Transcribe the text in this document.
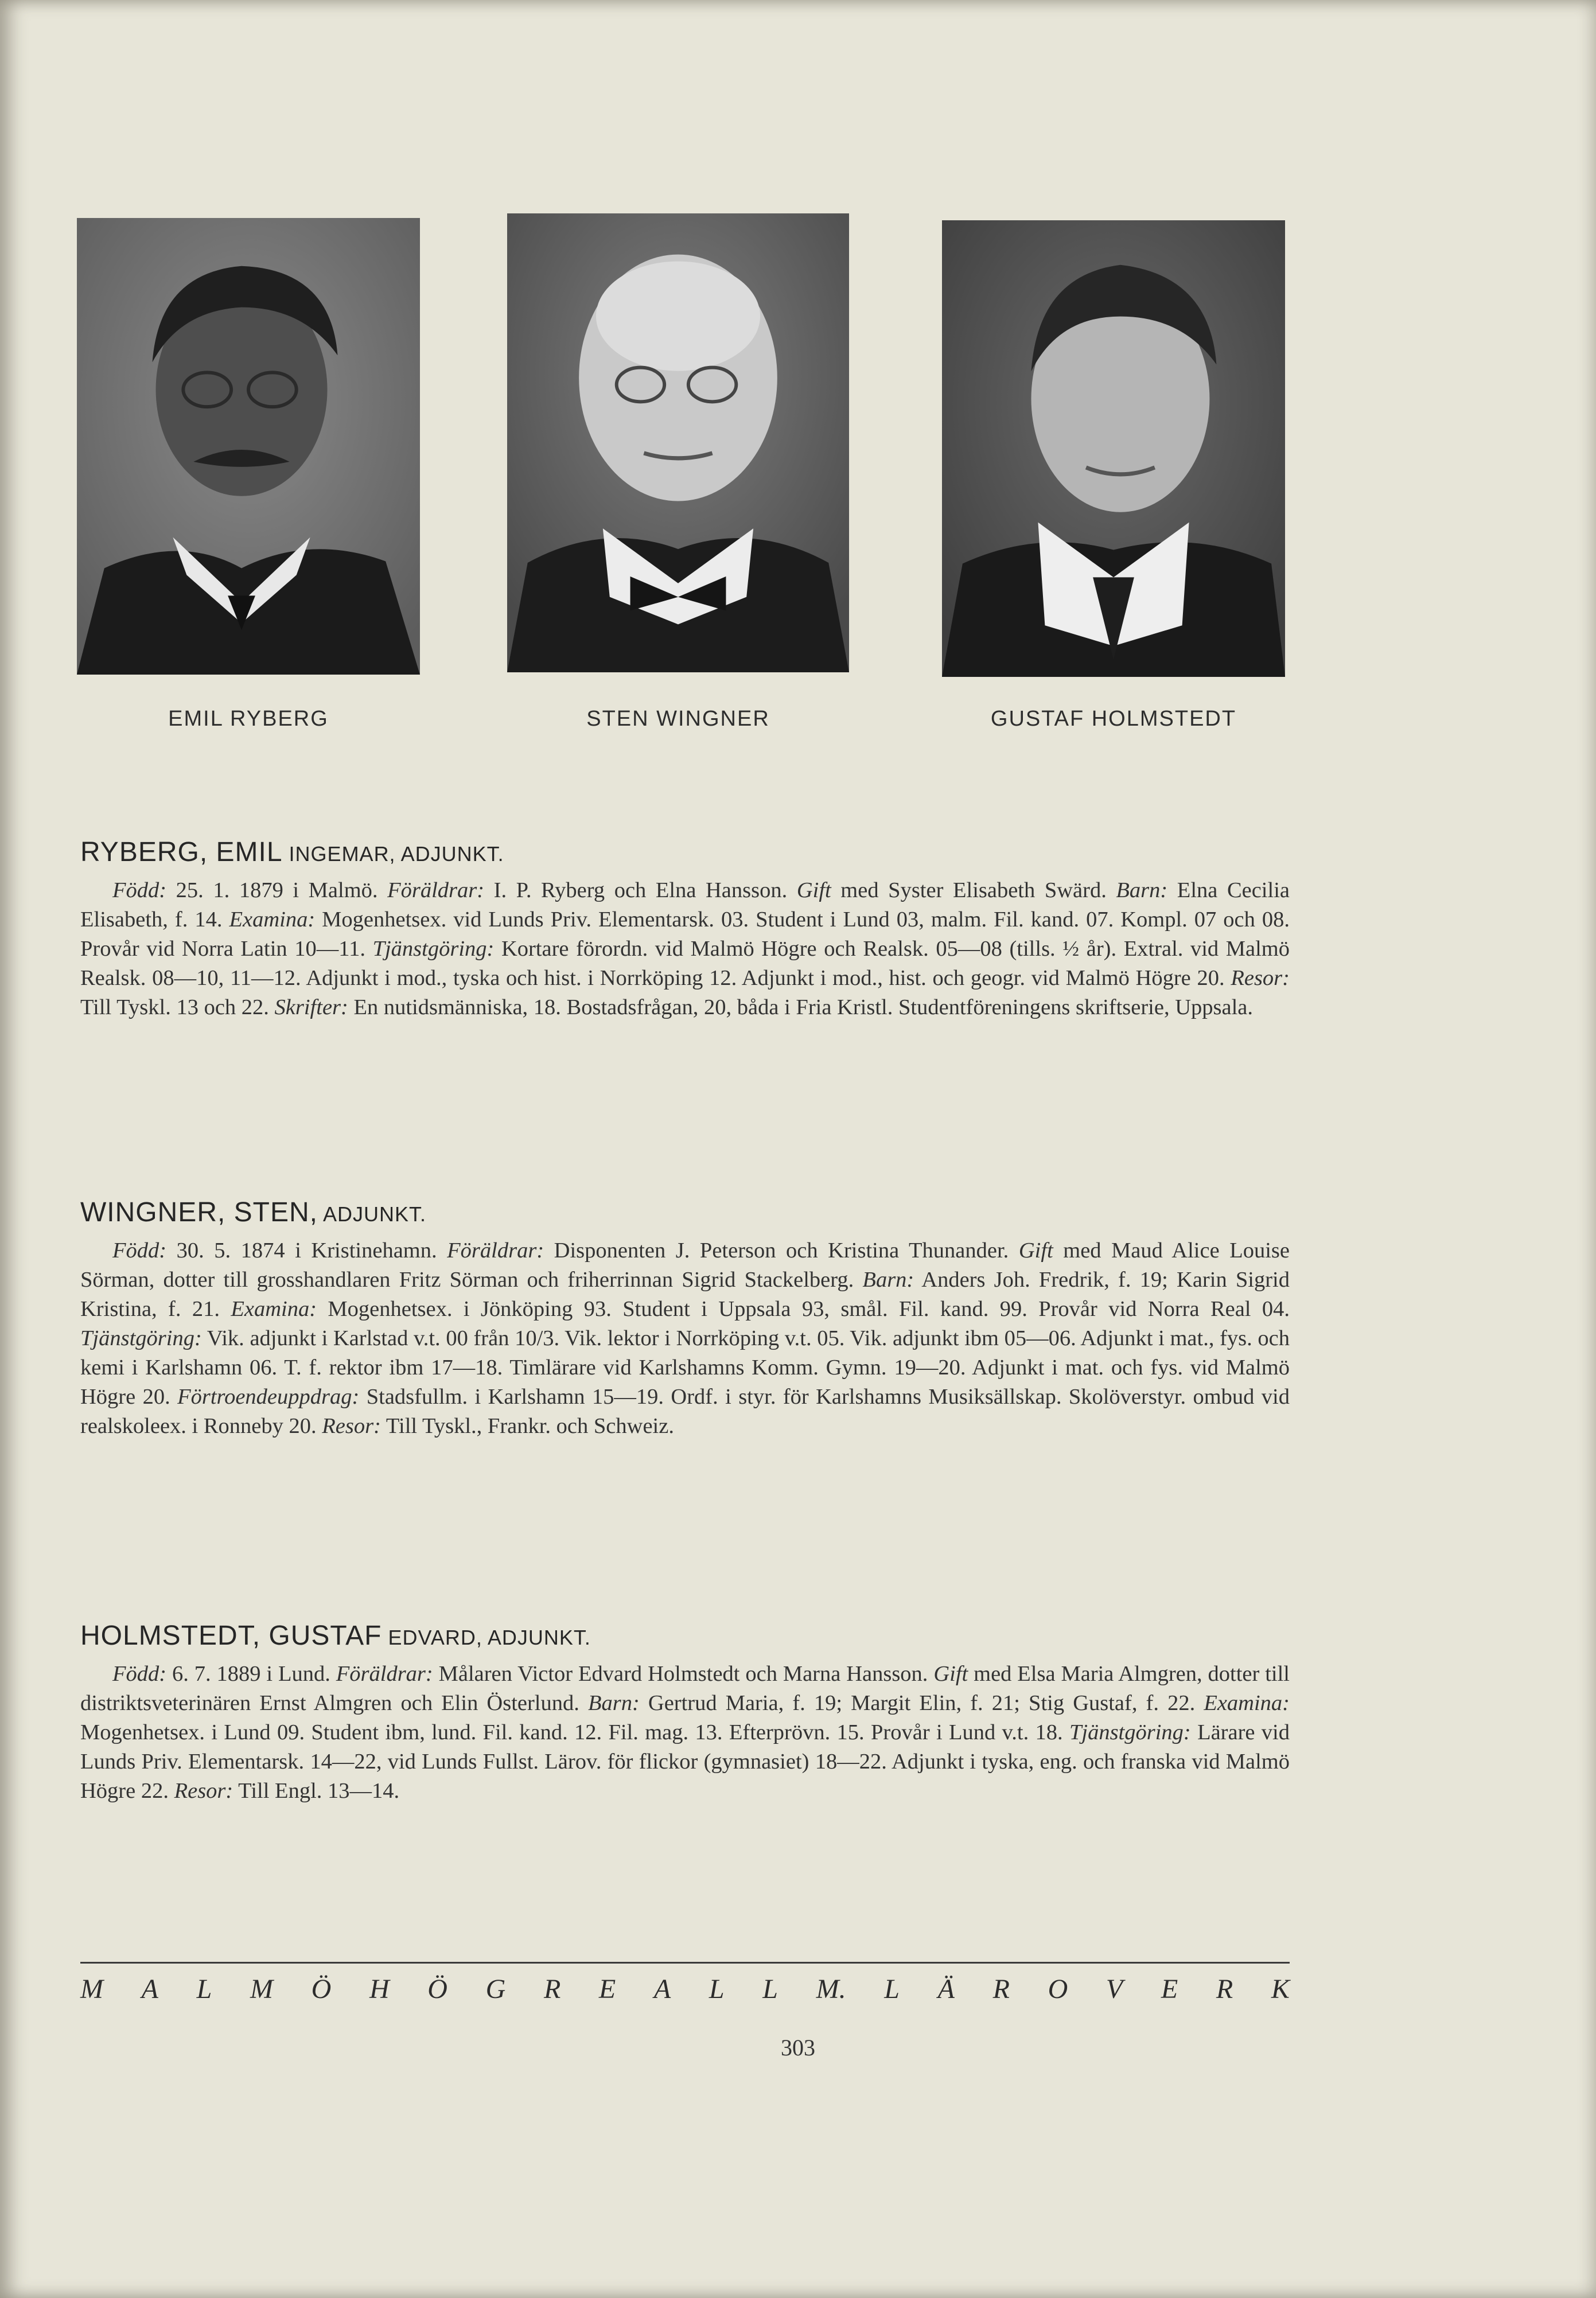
EMIL RYBERG	STEN WINGNER	GUSTAF HOLMSTEDT
RYBERG, EMIL INGEMAR, ADJUNKT.

Född: 25. 1. 1879 i Malmö. Föräldrar: I. P. Ryberg och Elna Hansson. Gift med Syster Elisabeth Swärd. Barn: Elna Cecilia Elisabeth, f. 14. Examina: Mogenhetsex. vid Lunds Priv. Elementarsk. 03. Student i Lund 03, malm. Fil. kand. 07. Kompl. 07 och 08. Provår vid Norra Latin 10—11. Tjänstgöring: Kortare förordn. vid Malmö Högre och Realsk. 05—08 (tills. ½ år). Extral. vid Malmö Realsk. 08—10, 11—12. Adjunkt i mod., tyska och hist. i Norrköping 12. Adjunkt i mod., hist. och geogr. vid Malmö Högre 20. Resor: Till Tyskl. 13 och 22. Skrifter: En nutidsmänniska, 18. Bostadsfrågan, 20, båda i Fria Kristl. Studentföreningens skriftserie, Uppsala.

WINGNER, STEN, ADJUNKT.

Född: 30. 5. 1874 i Kristinehamn. Föräldrar: Disponenten J. Peterson och Kristina Thunander. Gift med Maud Alice Louise Sörman, dotter till grosshandlaren Fritz Sörman och friherrinnan Sigrid Stackelberg. Barn: Anders Joh. Fredrik, f. 19; Karin Sigrid Kristina, f. 21. Examina: Mogenhetsex. i Jönköping 93. Student i Uppsala 93, smål. Fil. kand. 99. Provår vid Norra Real 04. Tjänstgöring: Vik. adjunkt i Karlstad v.t. 00 från 10/3. Vik. lektor i Norrköping v.t. 05. Vik. adjunkt ibm 05—06. Adjunkt i mat., fys. och kemi i Karlshamn 06. T. f. rektor ibm 17—18. Timlärare vid Karlshamns Komm. Gymn. 19—20. Adjunkt i mat. och fys. vid Malmö Högre 20. Förtroendeuppdrag: Stadsfullm. i Karlshamn 15—19. Ordf. i styr. för Karlshamns Musiksällskap. Skolöverstyr. ombud vid realskoleex. i Ronneby 20. Resor: Till Tyskl., Frankr. och Schweiz.

HOLMSTEDT, GUSTAF EDVARD, ADJUNKT.

Född: 6. 7. 1889 i Lund. Föräldrar: Målaren Victor Edvard Holmstedt och Marna Hansson. Gift med Elsa Maria Almgren, dotter till distriktsveterinären Ernst Almgren och Elin Österlund. Barn: Gertrud Maria, f. 19; Margit Elin, f. 21; Stig Gustaf, f. 22. Examina: Mogenhetsex. i Lund 09. Student ibm, lund. Fil. kand. 12. Fil. mag. 13. Efterprövn. 15. Provår i Lund v.t. 18. Tjänstgöring: Lärare vid Lunds Priv. Elementarsk. 14—22, vid Lunds Fullst. Lärov. för flickor (gymnasiet) 18—22. Adjunkt i tyska, eng. och franska vid Malmö Högre 22. Resor: Till Engl. 13—14.

M A L M Ö H Ö G R E A L L M. L Ä R O V E R K
303
